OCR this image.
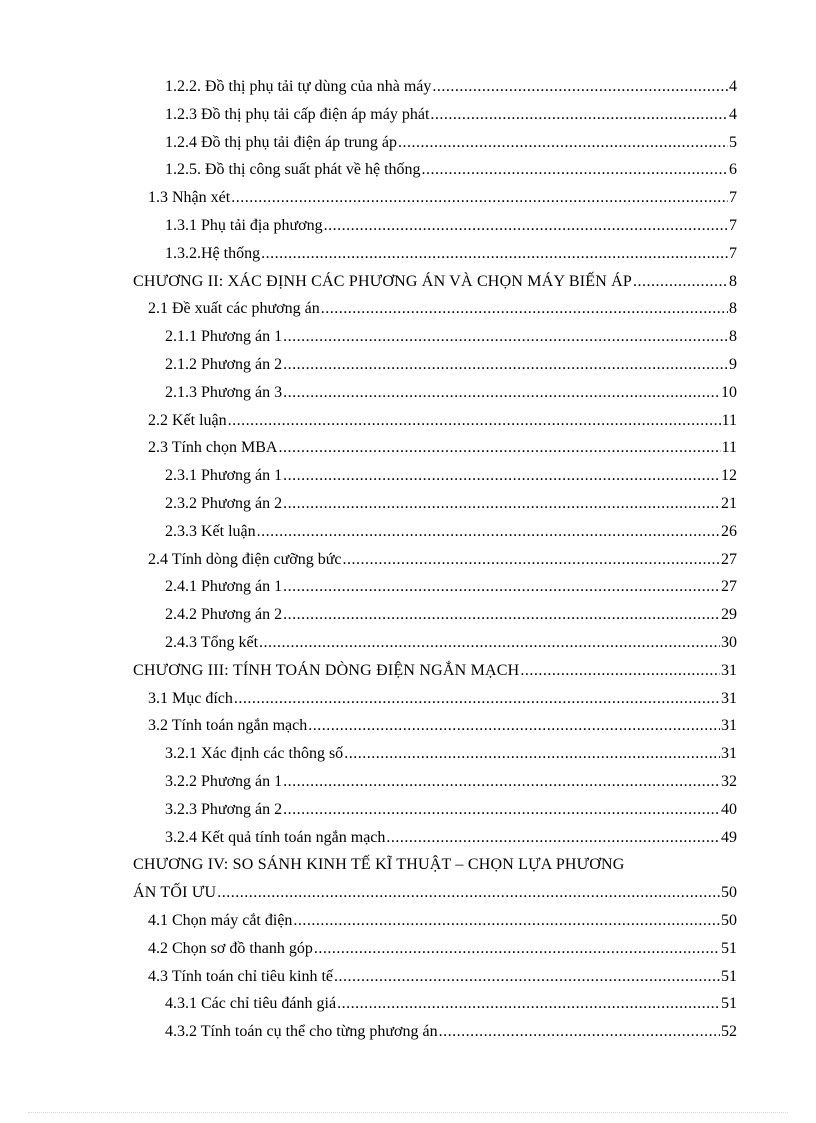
1.2.2. Đồ thị phụ tải tự dùng của nhà máy .....	4
1.2.3 Đồ thị phụ tải cấp điện áp máy phát .....	4
1.2.4 Đồ thị phụ tải điện áp trung áp .....	5
1.2.5. Đồ thị công suất phát về hệ thống .....	6
1.3 Nhận xét .....	7
1.3.1 Phụ tải địa phương .....	7
1.3.2.Hệ thống .....	7
CHƯƠNG II: XÁC ĐỊNH CÁC PHƯƠNG ÁN VÀ CHỌN MÁY BIẾN ÁP .....	8
2.1 Đề xuất các phương án .....	8
2.1.1 Phương án 1 .....	8
2.1.2 Phương án 2 .....	9
2.1.3 Phương án 3 .....	10
2.2 Kết luận .....	11
2.3 Tính chọn MBA .....	11
2.3.1 Phương án 1 .....	12
2.3.2 Phương án 2 .....	21
2.3.3 Kết luận .....	26
2.4 Tính dòng điện cưỡng bức .....	27
2.4.1 Phương án 1 .....	27
2.4.2 Phương án 2 .....	29
2.4.3 Tổng kết .....	30
CHƯƠNG III: TÍNH TOÁN DÒNG ĐIỆN NGẮN MẠCH .....	31
3.1 Mục đích .....	31
3.2 Tính toán ngắn mạch .....	31
3.2.1 Xác định các thông số .....	31
3.2.2 Phương án 1 .....	32
3.2.3 Phương án 2 .....	40
3.2.4 Kết quả tính toán ngắn mạch .....	49
CHƯƠNG IV: SO SÁNH KINH TẾ KĨ THUẬT – CHỌN LỰA PHƯƠNG
ÁN TỐI ƯU .....	50
4.1 Chọn máy cắt điện .....	50
4.2 Chọn sơ đồ thanh góp .....	51
4.3 Tính toán chỉ tiêu kinh tế .....	51
4.3.1 Các chỉ tiêu đánh giá .....	51
4.3.2 Tính toán cụ thể cho từng phương án .....	52
